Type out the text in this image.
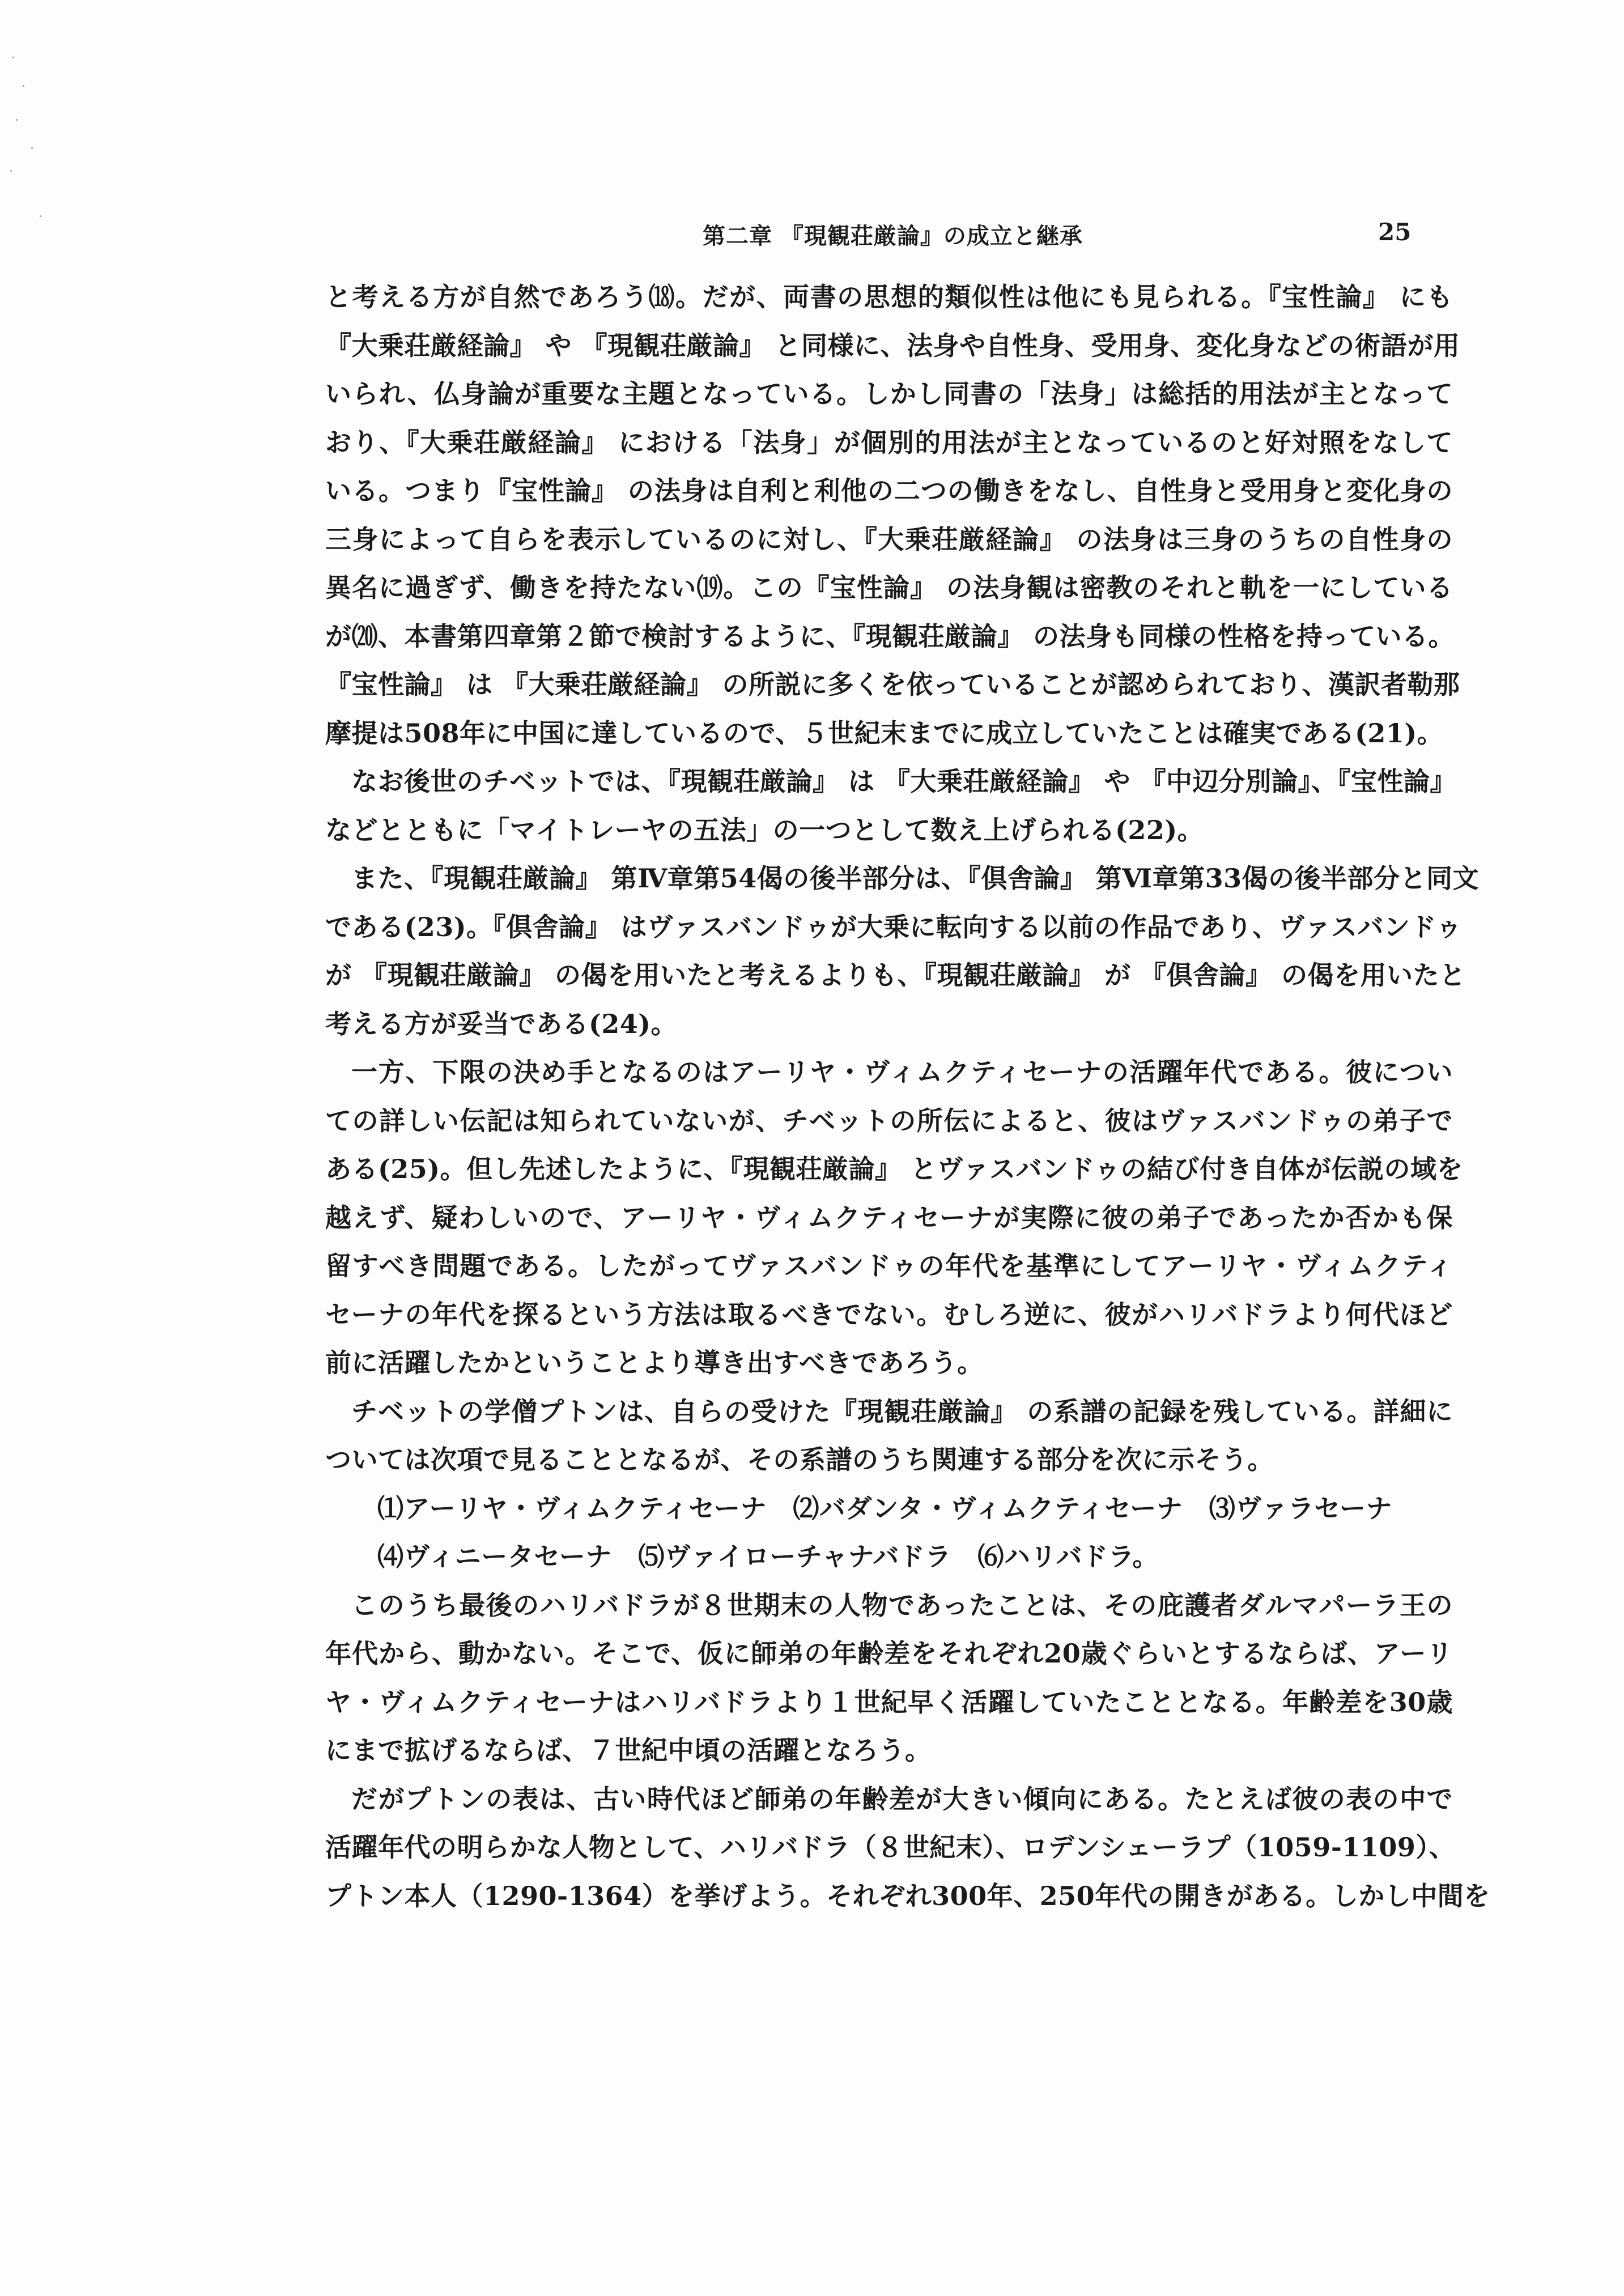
第二章 『現観荘厳論』の成立と継承	25
と考える方が自然であろう⒅。だが、両書の思想的類似性は他にも見られる。『宝性論』 にも
『大乗荘厳経論』 や 『現観荘厳論』 と同様に、法身や自性身、受用身、変化身などの術語が用
いられ、仏身論が重要な主題となっている。しかし同書の「法身」は総括的用法が主となって
おり、『大乗荘厳経論』 における「法身」が個別的用法が主となっているのと好対照をなして
いる。つまり『宝性論』 の法身は自利と利他の二つの働きをなし、自性身と受用身と変化身の
三身によって自らを表示しているのに対し、『大乗荘厳経論』 の法身は三身のうちの自性身の
異名に過ぎず、働きを持たない⒆。この『宝性論』 の法身観は密教のそれと軌を一にしている
が⒇、本書第四章第２節で検討するように、『現観荘厳論』 の法身も同様の性格を持っている。
『宝性論』 は 『大乗荘厳経論』 の所説に多くを依っていることが認められており、漢訳者勒那
摩提は508年に中国に達しているので、５世紀末までに成立していたことは確実である(21)。
なお後世のチベットでは、『現観荘厳論』 は 『大乗荘厳経論』 や 『中辺分別論』、『宝性論』
などとともに「マイトレーヤの五法」の一つとして数え上げられる(22)。
また、『現観荘厳論』 第Ⅳ章第54偈の後半部分は、『倶舎論』 第Ⅵ章第33偈の後半部分と同文
である(23)。『倶舎論』 はヴァスバンドゥが大乗に転向する以前の作品であり、ヴァスバンドゥ
が 『現観荘厳論』 の偈を用いたと考えるよりも、『現観荘厳論』 が 『倶舎論』 の偈を用いたと
考える方が妥当である(24)。
一方、下限の決め手となるのはアーリヤ・ヴィムクティセーナの活躍年代である。彼につい
ての詳しい伝記は知られていないが、チベットの所伝によると、彼はヴァスバンドゥの弟子で
ある(25)。但し先述したように、『現観荘厳論』 とヴァスバンドゥの結び付き自体が伝説の域を
越えず、疑わしいので、アーリヤ・ヴィムクティセーナが実際に彼の弟子であったか否かも保
留すべき問題である。したがってヴァスバンドゥの年代を基準にしてアーリヤ・ヴィムクティ
セーナの年代を探るという方法は取るべきでない。むしろ逆に、彼がハリバドラより何代ほど
前に活躍したかということより導き出すべきであろう。
チベットの学僧プトンは、自らの受けた『現観荘厳論』 の系譜の記録を残している。詳細に
ついては次項で見ることとなるが、その系譜のうち関連する部分を次に示そう。
⑴アーリヤ・ヴィムクティセーナ　⑵バダンタ・ヴィムクティセーナ　⑶ヴァラセーナ
⑷ヴィニータセーナ　⑸ヴァイローチャナバドラ　⑹ハリバドラ。
このうち最後のハリバドラが８世期末の人物であったことは、その庇護者ダルマパーラ王の
年代から、動かない。そこで、仮に師弟の年齢差をそれぞれ20歳ぐらいとするならば、アーリ
ヤ・ヴィムクティセーナはハリバドラより１世紀早く活躍していたこととなる。年齢差を30歳
にまで拡げるならば、７世紀中頃の活躍となろう。
だがプトンの表は、古い時代ほど師弟の年齢差が大きい傾向にある。たとえば彼の表の中で
活躍年代の明らかな人物として、ハリバドラ（８世紀末）、ロデンシェーラプ（1059-1109）、
プトン本人（1290-1364）を挙げよう。それぞれ300年、250年代の開きがある。しかし中間を
